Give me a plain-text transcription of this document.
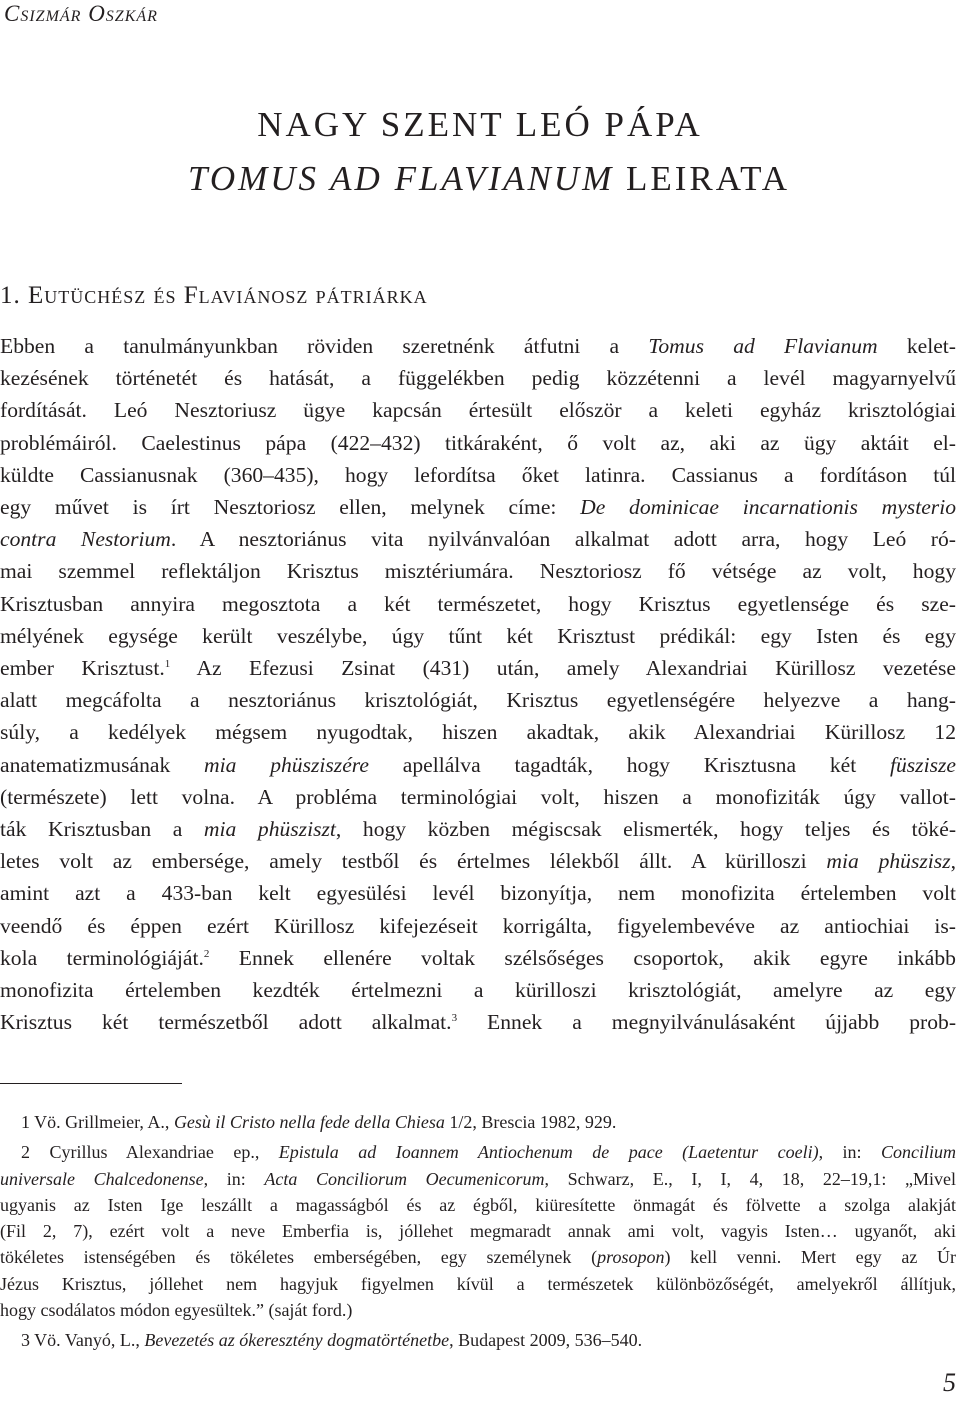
Csizmár Oszkár
NAGY SZENT LEÓ PÁPA
TOMUS AD FLAVIANUM LEIRATA
1. Eutüchész és Flaviánosz pátriárka
Ebben a tanulmányunkban röviden szeretnénk átfutni a Tomus ad Flavianum kelet-
kezésének történetét és hatását, a függelékben pedig közzétenni a levél magyarnyelvű
fordítását. Leó Nesztoriusz ügye kapcsán értesült először a keleti egyház krisztológiai
problémáiról. Caelestinus pápa (422–432) titkáraként, ő volt az, aki az ügy aktáit el-
küldte Cassianusnak (360–435), hogy lefordítsa őket latinra. Cassianus a fordításon túl
egy művet is írt Nesztoriosz ellen, melynek címe: De dominicae incarnationis mysterio
contra Nestorium. A nesztoriánus vita nyilvánvalóan alkalmat adott arra, hogy Leó ró-
mai szemmel reflektáljon Krisztus misztériumára. Nesztoriosz fő vétsége az volt, hogy
Krisztusban annyira megosztota a két természetet, hogy Krisztus egyetlensége és sze-
mélyének egysége került veszélybe, úgy tűnt két Krisztust prédikál: egy Isten és egy
ember Krisztust.$^1$ Az Efezusi Zsinat (431) után, amely Alexandriai Kürillosz vezetése
alatt megcáfolta a nesztoriánus krisztológiát, Krisztus egyetlenségére helyezve a hang-
súly, a kedélyek mégsem nyugodtak, hiszen akadtak, akik Alexandriai Kürillosz 12
anatematizmusának mia phüsziszére apellálva tagadták, hogy Krisztusna két füszisze
(természete) lett volna. A probléma terminológiai volt, hiszen a monofiziták úgy vallot-
ták Krisztusban a mia phüsziszt, hogy közben mégiscsak elismerték, hogy teljes és töké-
letes volt az embersége, amely testből és értelmes lélekből állt. A kürilloszi mia phüszisz,
amint azt a 433-ban kelt egyesülési levél bizonyítja, nem monofizita értelemben volt
veendő és éppen ezért Kürillosz kifejezéseit korrigálta, figyelembevéve az antiochiai is-
kola terminológiáját.$^2$ Ennek ellenére voltak szélsőséges csoportok, akik egyre inkább
monofizita értelemben kezdték értelmezni a kürilloszi krisztológiát, amelyre az egy
Krisztus két természetből adott alkalmat.$^3$ Ennek a megnyilvánulásaként újjabb prob-

1 Vö. Grillmeier, A., Gesù il Cristo nella fede della Chiesa 1/2, Brescia 1982, 929.

2 Cyrillus Alexandriae ep., Epistula ad Ioannem Antiochenum de pace (Laetentur coeli), in: Concilium
universale Chalcedonense, in: Acta Conciliorum Oecumenicorum, Schwarz, E., I, I, 4, 18, 22–19,1: „Mivel
ugyanis az Isten Ige leszállt a magasságból és az égből, kiüresítette önmagát és fölvette a szolga alakját
(Fil 2, 7), ezért volt a neve Emberfia is, jóllehet megmaradt annak ami volt, vagyis Isten… ugyanőt, aki
tökéletes istenségében és tökéletes emberségében, egy személynek (prosopon) kell venni. Mert egy az Úr
Jézus Krisztus, jóllehet nem hagyjuk figyelmen kívül a természetek különbözőségét, amelyekről állítjuk,
hogy csodálatos módon egyesültek.” (saját ford.)

3 Vö. Vanyó, L., Bevezetés az ókeresztény dogmatörténetbe, Budapest 2009, 536–540.

5
